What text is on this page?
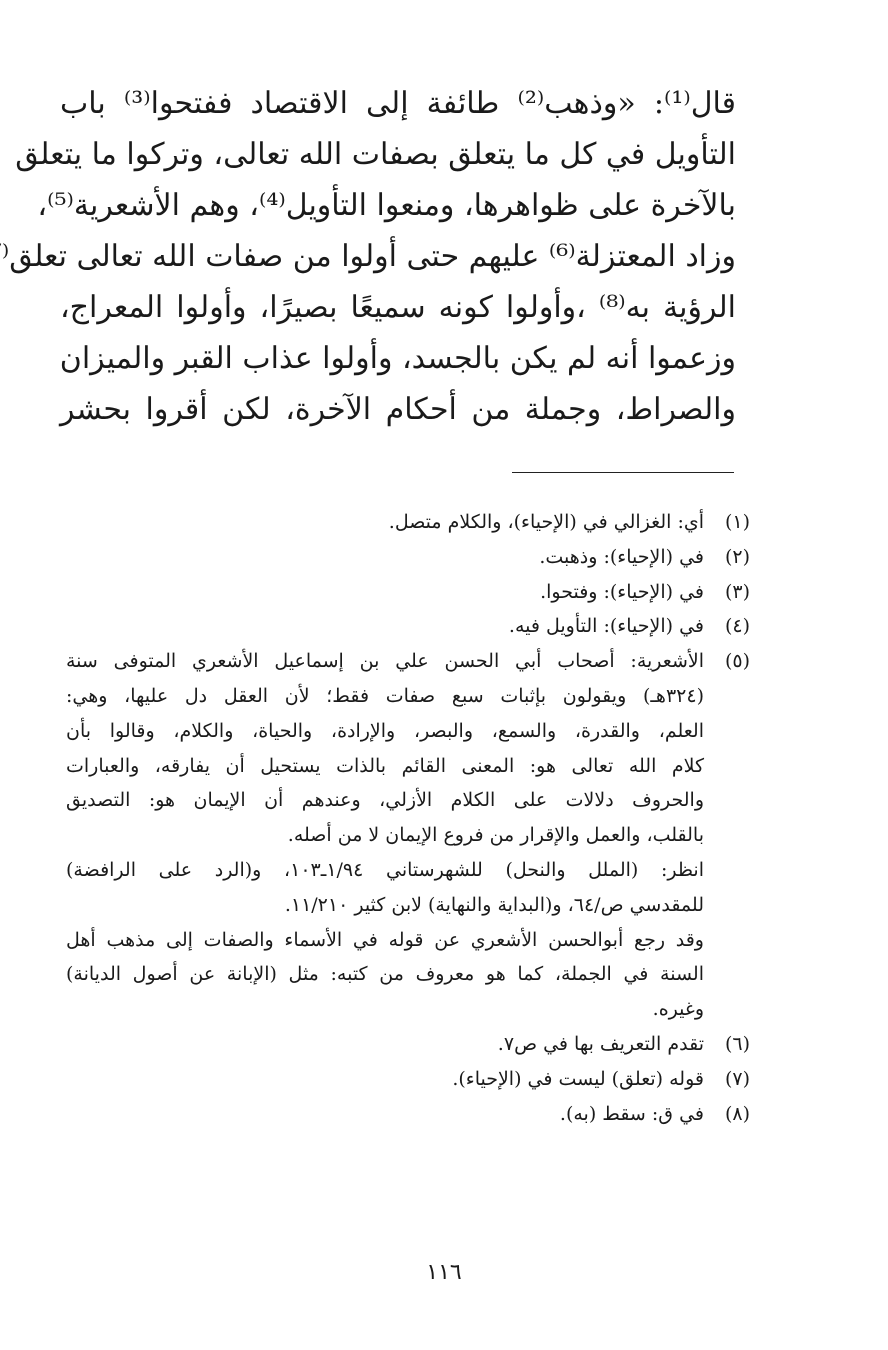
قال⁽¹⁾: «وذهب⁽²⁾ طائفة إلى الاقتصاد ففتحوا⁽³⁾ باب
التأويل في كل ما يتعلق بصفات الله تعالى، وتركوا ما يتعلق
بالآخرة على ظواهرها، ومنعوا التأويل⁽⁴⁾، وهم الأشعرية⁽⁵⁾،
وزاد المعتزلة⁽⁶⁾ عليهم حتى أولوا من صفات الله تعالى تعلق⁽
الرؤية به⁽⁸⁾ ،وأولوا كونه سميعًا بصيرًا، وأولوا المعراج،
وزعموا أنه لم يكن بالجسد، وأولوا عذاب القبر والميزان
والصراط، وجملة من أحكام الآخرة، لكن أقروا بحشر
(١)
أي: الغزالي في (الإحياء)، والكلام متصل.
(٢)
في (الإحياء): وذهبت.
(٣)
في (الإحياء): وفتحوا.
(٤)
في (الإحياء): التأويل فيه.
(٥)
الأشعرية: أصحاب أبي الحسن علي بن إسماعيل الأشعري المتوفى سنة
(٣٢٤هـ) ويقولون بإثبات سبع صفات فقط؛ لأن العقل دل عليها، وهي:
العلم، والقدرة، والسمع، والبصر، والإرادة، والحياة، والكلام، وقالوا بأن
كلام الله تعالى هو: المعنى القائم بالذات يستحيل أن يفارقه، والعبارات
والحروف دلالات على الكلام الأزلي، وعندهم أن الإيمان هو: التصديق
بالقلب، والعمل والإقرار من فروع الإيمان لا من أصله.
انظر: (الملل والنحل) للشهرستاني ١/٩٤ـ١٠٣، و(الرد على الرافضة)
للمقدسي ص/٦٤، و(البداية والنهاية) لابن كثير ١١/٢١٠.
وقد رجع أبوالحسن الأشعري عن قوله في الأسماء والصفات إلى مذهب أهل
السنة في الجملة، كما هو معروف من كتبه: مثل (الإبانة عن أصول الديانة)
وغيره.
(٦)
تقدم التعريف بها في ص٧.
(٧)
قوله (تعلق) ليست في (الإحياء).
(٨)
في ق: سقط (به).
١١٦
